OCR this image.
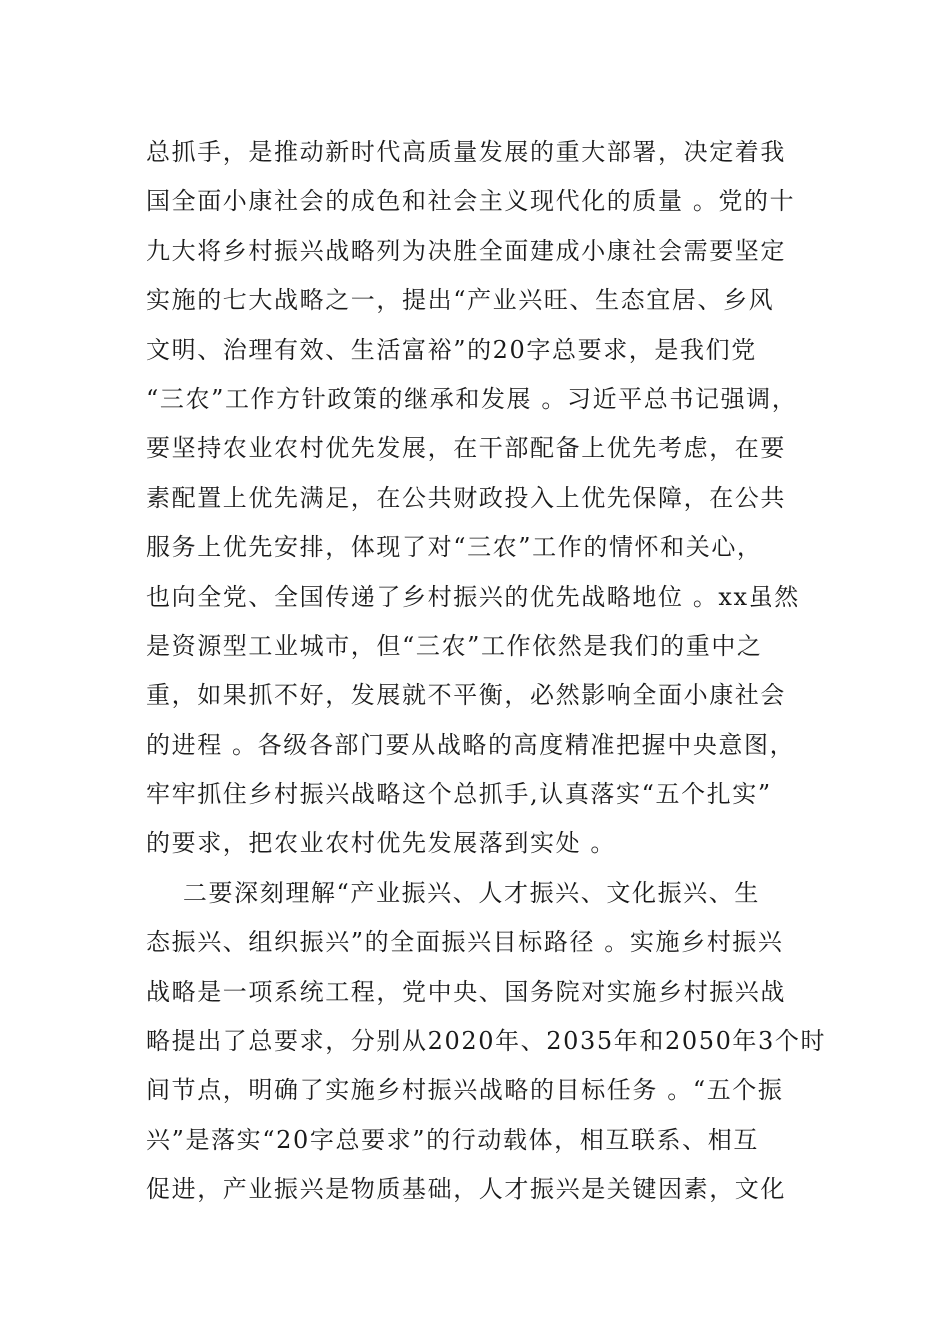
总抓手，是推动新时代高质量发展的重大部署，决定着我
国全面小康社会的成色和社会主义现代化的质量 。党的十
九大将乡村振兴战略列为决胜全面建成小康社会需要坚定
实施的七大战略之一，提出“产业兴旺、生态宜居、乡风
文明、治理有效、生活富裕”的20字总要求，是我们党
“三农”工作方针政策的继承和发展 。习近平总书记强调，
要坚持农业农村优先发展，在干部配备上优先考虑，在要
素配置上优先满足，在公共财政投入上优先保障，在公共
服务上优先安排，体现了对“三农”工作的情怀和关心，
也向全党、全国传递了乡村振兴的优先战略地位 。xx虽然
是资源型工业城市，但“三农”工作依然是我们的重中之
重，如果抓不好，发展就不平衡，必然影响全面小康社会
的进程 。各级各部门要从战略的高度精准把握中央意图，
牢牢抓住乡村振兴战略这个总抓手,认真落实“五个扎实”
的要求，把农业农村优先发展落到实处 。
二要深刻理解“产业振兴、人才振兴、文化振兴、生
态振兴、组织振兴”的全面振兴目标路径 。实施乡村振兴
战略是一项系统工程，党中央、国务院对实施乡村振兴战
略提出了总要求，分别从2020年、2035年和2050年3个时
间节点，明确了实施乡村振兴战略的目标任务 。“五个振
兴”是落实“20字总要求”的行动载体，相互联系、相互
促进，产业振兴是物质基础，人才振兴是关键因素，文化
